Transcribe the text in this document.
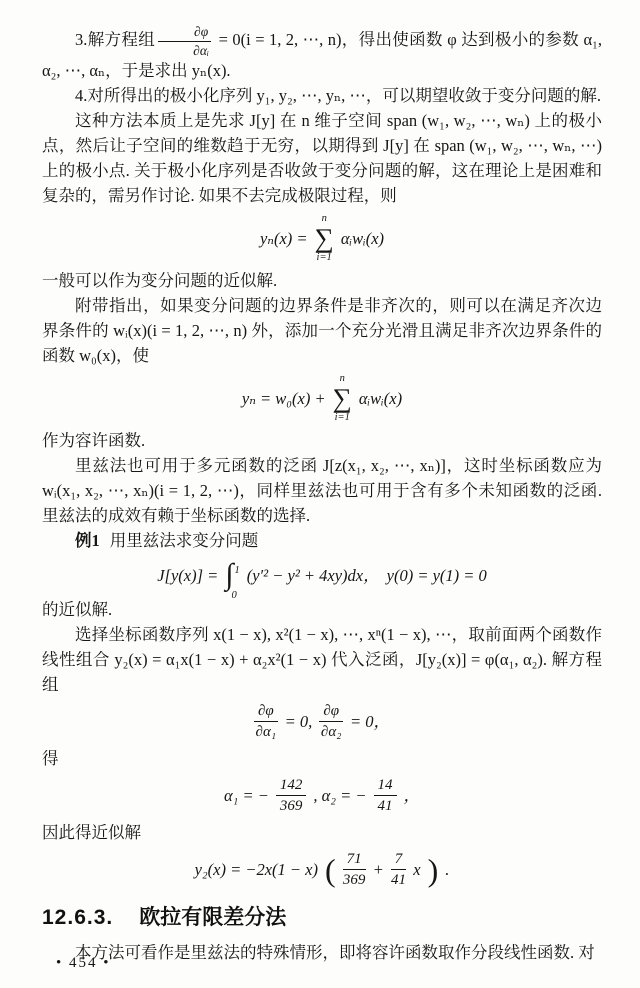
3.解方程组 $\frac{\partial\varphi}{\text{∂αᵢ}} = 0(i = 1$, 2, ⋯, n)，得出使函数 φ 达到极小的参数 α₁, α₂, ⋯, αₙ，于是求出 yₙ(x).

4.对所得出的极小化序列 y₁, y₂, ⋯, yₙ, ⋯，可以期望收敛于变分问题的解.

这种方法本质上是先求 J[y] 在 n 维子空间 span (w₁, w₂, ⋯, wₙ) 上的极小点，然后让子空间的维数趋于无穷，以期得到 J[y] 在 span (w₁, w₂, ⋯, wₙ, ⋯) 上的极小点. 关于极小化序列是否收敛于变分问题的解，这在理论上是困难和复杂的，需另作讨论. 如果不去完成极限过程，则

yₙ(x) =
n
∑
i=1
αᵢwᵢ(x)

一般可以作为变分问题的近似解.

附带指出，如果变分问题的边界条件是非齐次的，则可以在满足齐次边界条件的 wᵢ(x)(i = 1, 2, ⋯, n) 外，添加一个充分光滑且满足非齐次边界条件的函数 w₀(x)，使

yₙ = w₀(x) +
n
∑
i=1
αᵢwᵢ(x)

作为容许函数.

里兹法也可用于多元函数的泛函 J[z(x₁, x₂, ⋯, xₙ)]，这时坐标函数应为 wᵢ(x₁, x₂, ⋯, xₙ)(i = 1, 2, ⋯)，同样里兹法也可用于含有多个未知函数的泛函. 里兹法的成效有赖于坐标函数的选择.

例1 用里兹法求变分问题

J[y(x)] = ∫ 1
0
(y′² − y² + 4xy)dx， y(0) = y(1) = 0

的近似解.

选择坐标函数序列 x(1 − x), x²(1 − x), ⋯, xⁿ(1 − x), ⋯，取前面两个函数作线性组合 y₂(x) = α₁x(1 − x) + α₂x²(1 − x) 代入泛函，J[y₂(x)] = φ(α₁, α₂). 解方程组

$\frac{\partial\varphi}{\text{∂α₁}} = 0$, $\frac{\partial\varphi}{\text{∂α₂}} = 0$，

得

α₁ = − $\frac{142}{369}$ , α₂ = − $\frac{14}{41}$ ，

因此得近似解

y₂(x) = −2x(1 − x) ( $\frac{71}{369} + \frac{7}{41}$ x ) .
12.6.3. 欧拉有限差分法

本方法可看作是里兹法的特殊情形，即将容许函数取作分段线性函数. 对

• 454 •
